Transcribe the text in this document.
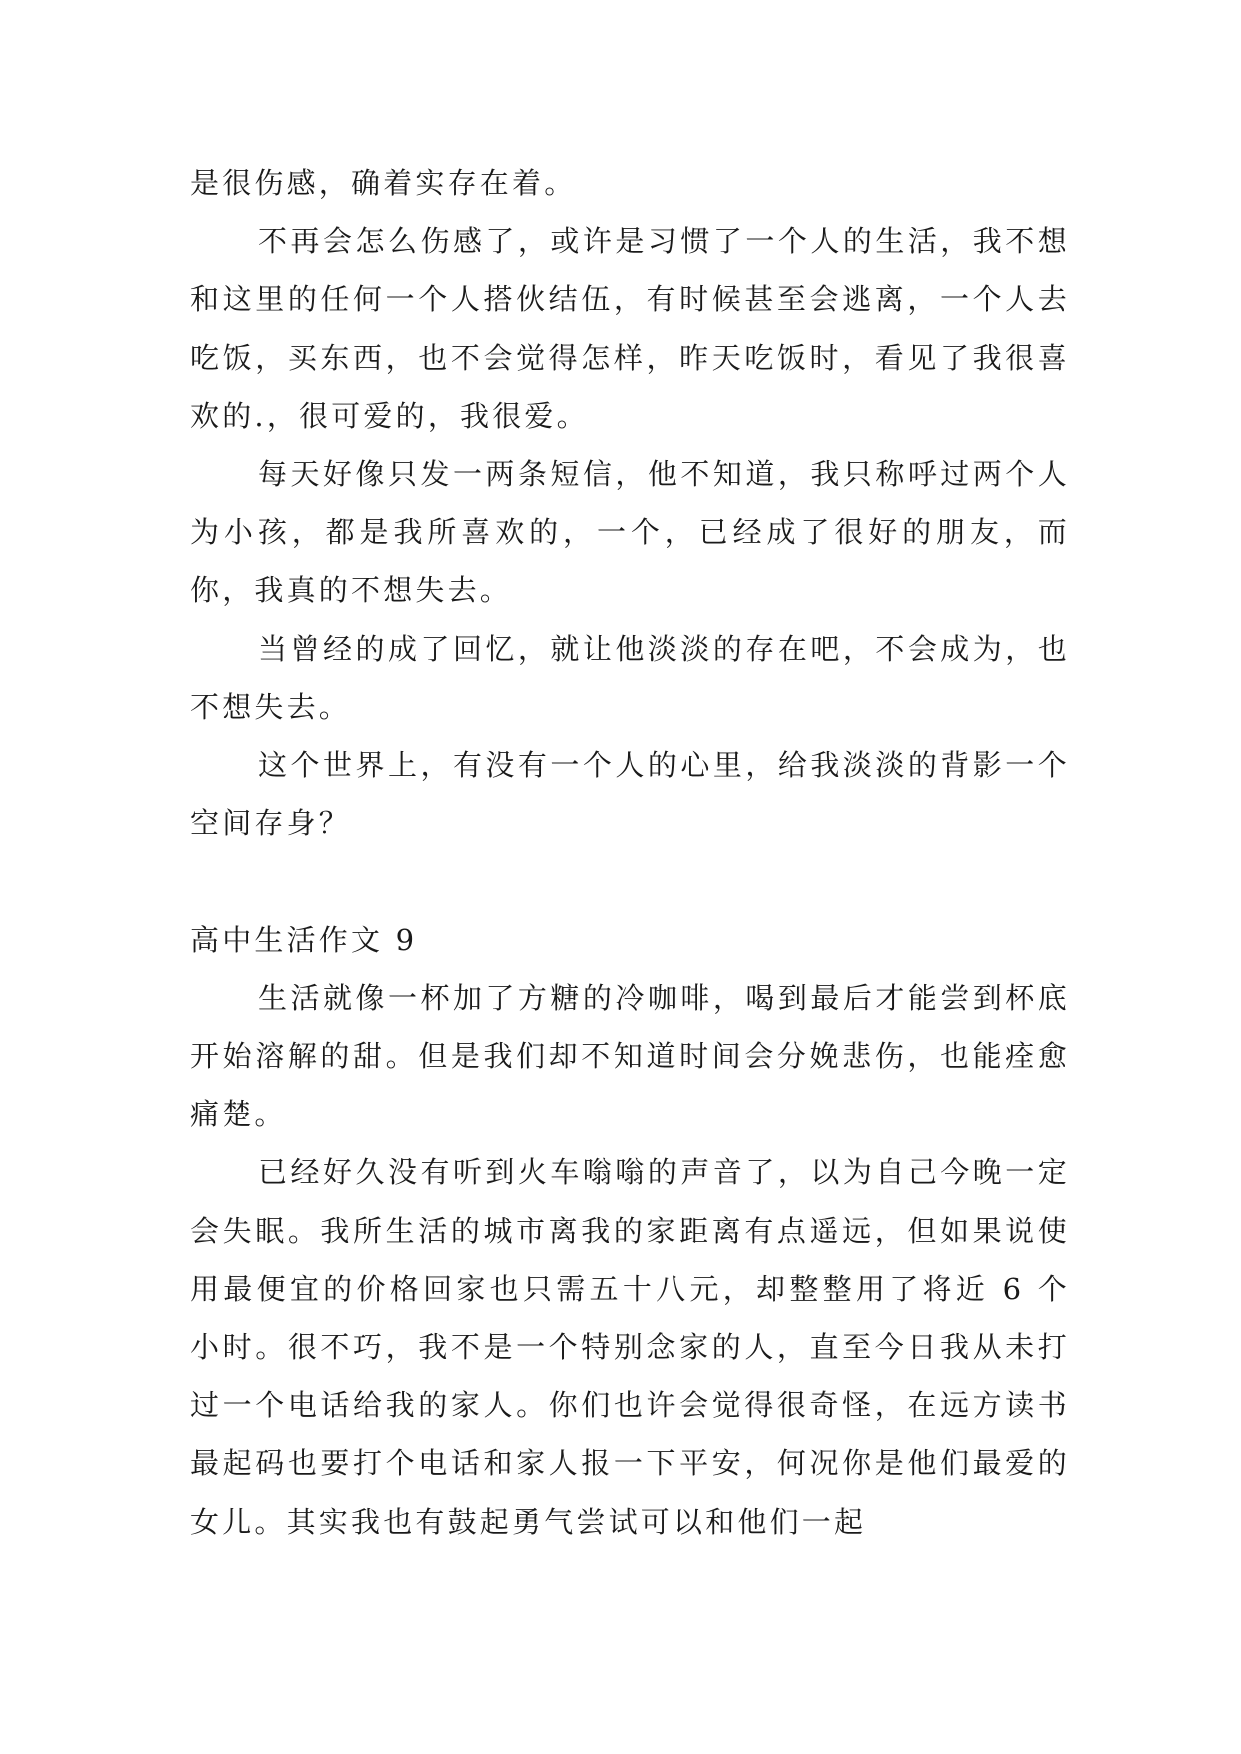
是很伤感，确着实存在着。

不再会怎么伤感了，或许是习惯了一个人的生活，我不想和这里的任何一个人搭伙结伍，有时候甚至会逃离，一个人去吃饭，买东西，也不会觉得怎样，昨天吃饭时，看见了我很喜欢的.，很可爱的，我很爱。

每天好像只发一两条短信，他不知道，我只称呼过两个人为小孩，都是我所喜欢的，一个，已经成了很好的朋友，而你，我真的不想失去。

当曾经的成了回忆，就让他淡淡的存在吧，不会成为，也不想失去。

这个世界上，有没有一个人的心里，给我淡淡的背影一个空间存身？

高中生活作文 9

生活就像一杯加了方糖的冷咖啡，喝到最后才能尝到杯底开始溶解的甜。但是我们却不知道时间会分娩悲伤，也能痊愈痛楚。

已经好久没有听到火车嗡嗡的声音了，以为自己今晚一定会失眠。我所生活的城市离我的家距离有点遥远，但如果说使用最便宜的价格回家也只需五十八元，却整整用了将近 6 个小时。很不巧，我不是一个特别念家的人，直至今日我从未打过一个电话给我的家人。你们也许会觉得很奇怪，在远方读书最起码也要打个电话和家人报一下平安，何况你是他们最爱的女儿。其实我也有鼓起勇气尝试可以和他们一起
